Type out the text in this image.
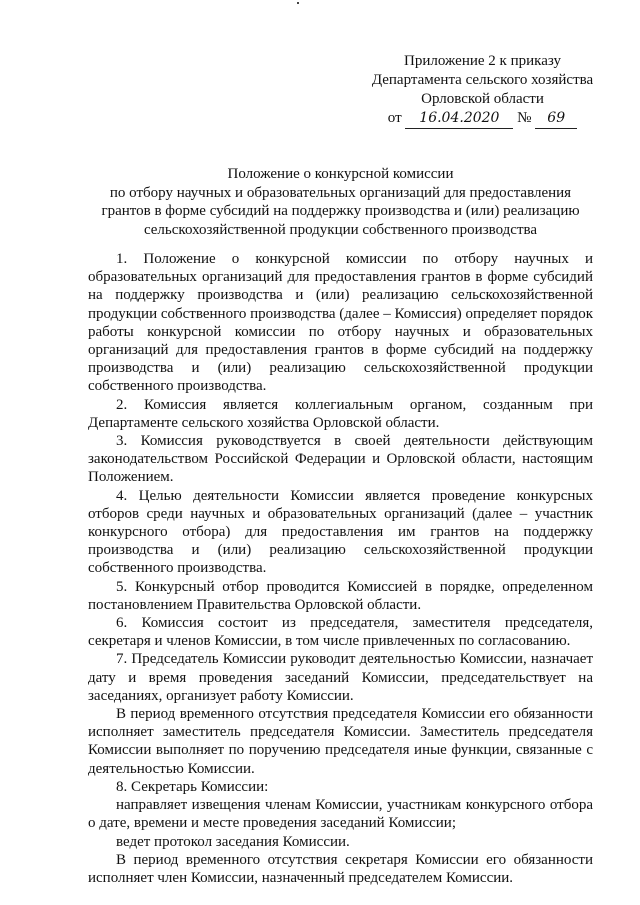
Приложение 2 к приказу
Департамента сельского хозяйства
Орловской области
от 16.04.2020 № 69
Положение о конкурсной комиссии
по отбору научных и образовательных организаций для предоставления
грантов в форме субсидий на поддержку производства и (или) реализацию
сельскохозяйственной продукции собственного производства

1. Положение о конкурсной комиссии по отбору научных и образовательных организаций для предоставления грантов в форме субсидий на поддержку производства и (или) реализацию сельскохозяйственной продукции собственного производства (далее – Комиссия) определяет порядок работы конкурсной комиссии по отбору научных и образовательных организаций для предоставления грантов в форме субсидий на поддержку производства и (или) реализацию сельскохозяйственной продукции собственного производства.

2. Комиссия является коллегиальным органом, созданным при Департаменте сельского хозяйства Орловской области.

3. Комиссия руководствуется в своей деятельности действующим законодательством Российской Федерации и Орловской области, настоящим Положением.

4. Целью деятельности Комиссии является проведение конкурсных отборов среди научных и образовательных организаций (далее – участник конкурсного отбора) для предоставления им грантов на поддержку производства и (или) реализацию сельскохозяйственной продукции собственного производства.

5. Конкурсный отбор проводится Комиссией в порядке, определенном постановлением Правительства Орловской области.

6. Комиссия состоит из председателя, заместителя председателя, секретаря и членов Комиссии, в том числе привлеченных по согласованию.

7. Председатель Комиссии руководит деятельностью Комиссии, назначает дату и время проведения заседаний Комиссии, председательствует на заседаниях, организует работу Комиссии.

В период временного отсутствия председателя Комиссии его обязанности исполняет заместитель председателя Комиссии. Заместитель председателя Комиссии выполняет по поручению председателя иные функции, связанные с деятельностью Комиссии.

8. Секретарь Комиссии:

направляет извещения членам Комиссии, участникам конкурсного отбора о дате, времени и месте проведения заседаний Комиссии;

ведет протокол заседания Комиссии.

В период временного отсутствия секретаря Комиссии его обязанности исполняет член Комиссии, назначенный председателем Комиссии.
